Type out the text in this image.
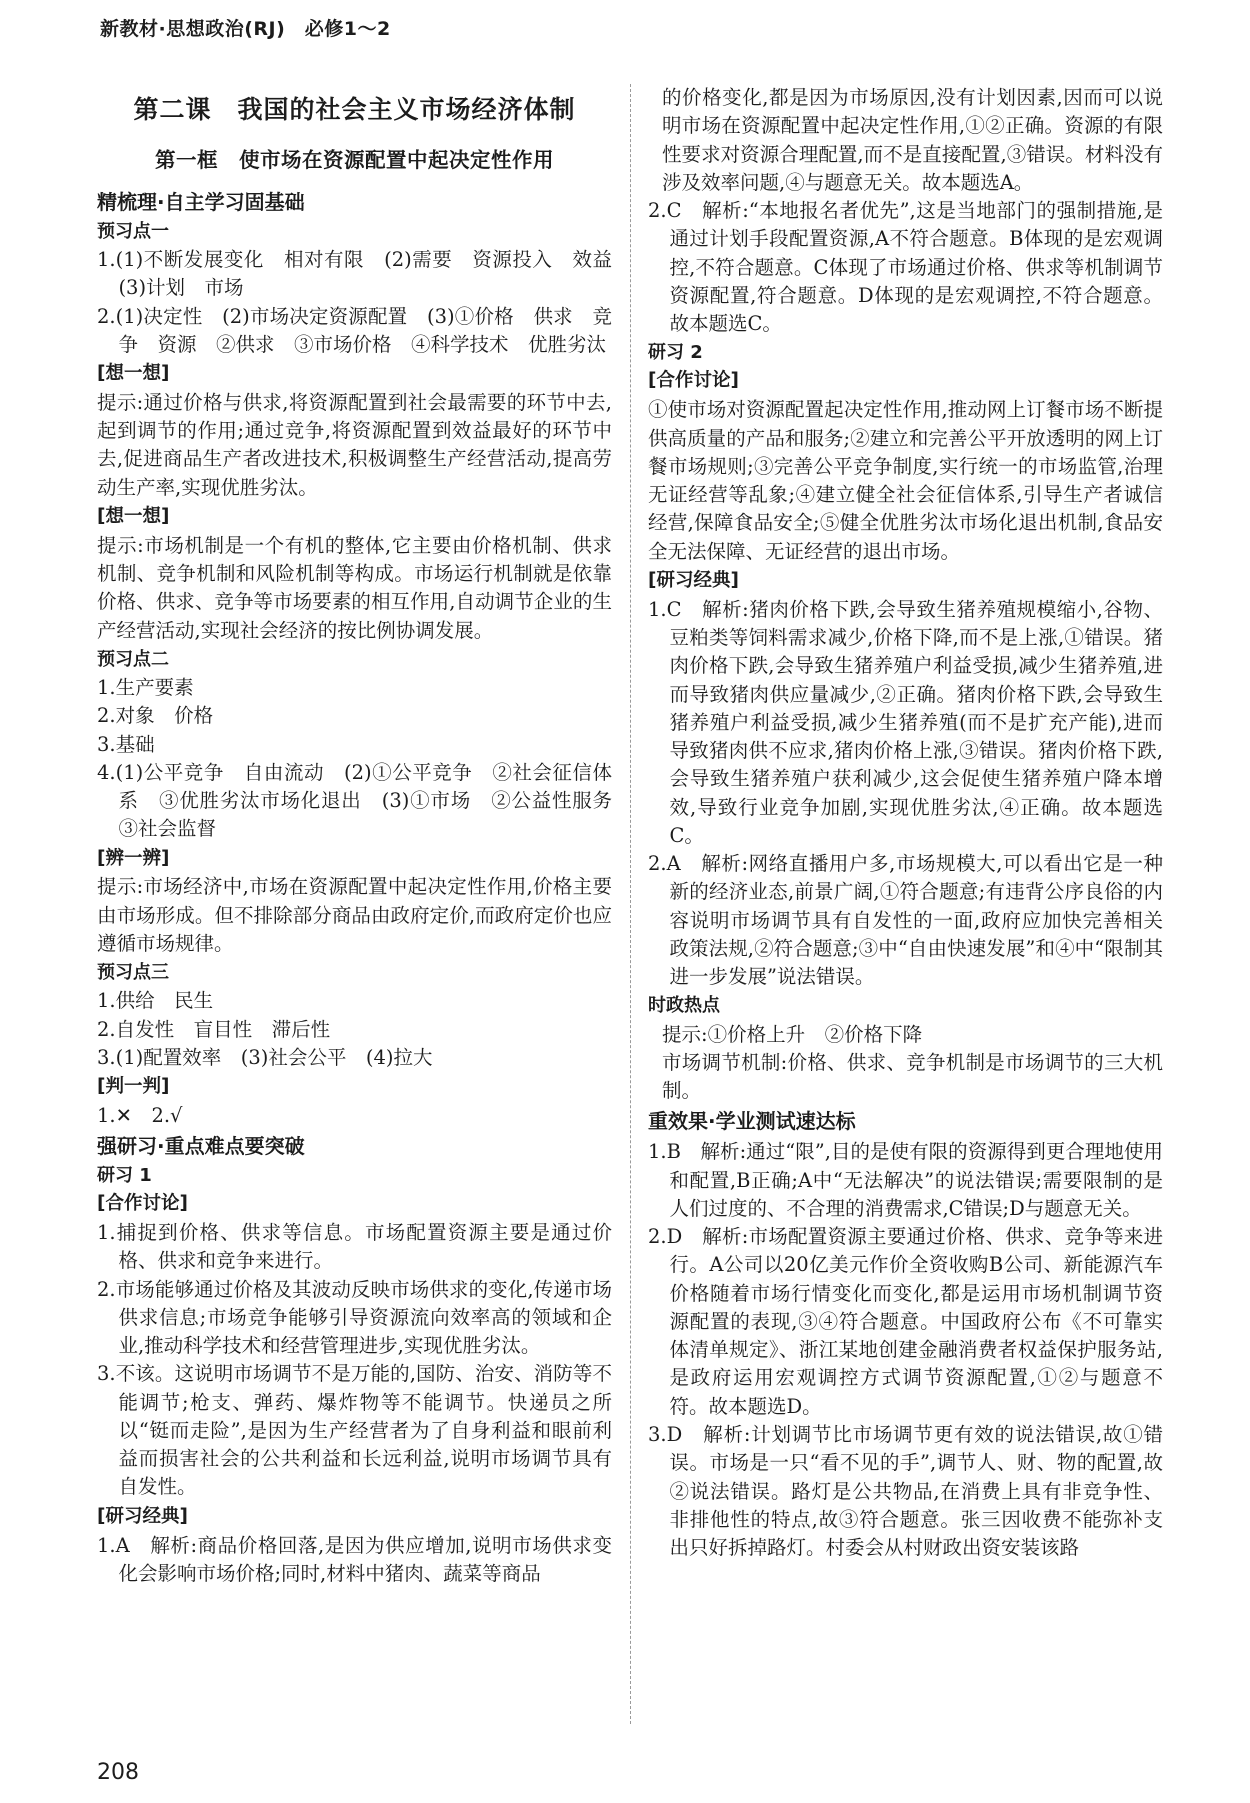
新教材·思想政治(RJ)　必修1～2
第二课　我国的社会主义市场经济体制
第一框　使市场在资源配置中起决定性作用
精梳理·自主学习固基础
预习点一

1.(1)不断发展变化　相对有限　(2)需要　资源投入　效益　(3)计划　市场

2.(1)决定性　(2)市场决定资源配置　(3)①价格　供求　竞争　资源　②供求　③市场价格　④科学技术　优胜劣汰

[想一想]

提示:通过价格与供求,将资源配置到社会最需要的环节中去,起到调节的作用;通过竞争,将资源配置到效益最好的环节中去,促进商品生产者改进技术,积极调整生产经营活动,提高劳动生产率,实现优胜劣汰。

[想一想]

提示:市场机制是一个有机的整体,它主要由价格机制、供求机制、竞争机制和风险机制等构成。市场运行机制就是依靠价格、供求、竞争等市场要素的相互作用,自动调节企业的生产经营活动,实现社会经济的按比例协调发展。

预习点二

1.生产要素

2.对象　价格

3.基础

4.(1)公平竞争　自由流动　(2)①公平竞争　②社会征信体系　③优胜劣汰市场化退出　(3)①市场　②公益性服务　③社会监督

[辨一辨]

提示:市场经济中,市场在资源配置中起决定性作用,价格主要由市场形成。但不排除部分商品由政府定价,而政府定价也应遵循市场规律。

预习点三

1.供给　民生

2.自发性　盲目性　滞后性

3.(1)配置效率　(3)社会公平　(4)拉大

[判一判]

1.✕　2.√

强研习·重点难点要突破
研习 1
[合作讨论]

1.捕捉到价格、供求等信息。市场配置资源主要是通过价格、供求和竞争来进行。

2.市场能够通过价格及其波动反映市场供求的变化,传递市场供求信息;市场竞争能够引导资源流向效率高的领域和企业,推动科学技术和经营管理进步,实现优胜劣汰。

3.不该。这说明市场调节不是万能的,国防、治安、消防等不能调节;枪支、弹药、爆炸物等不能调节。快递员之所以“铤而走险”,是因为生产经营者为了自身利益和眼前利益而损害社会的公共利益和长远利益,说明市场调节具有自发性。

[研习经典]

1.A　解析:商品价格回落,是因为供应增加,说明市场供求变化会影响市场价格;同时,材料中猪肉、蔬菜等商品

的价格变化,都是因为市场原因,没有计划因素,因而可以说明市场在资源配置中起决定性作用,①②正确。资源的有限性要求对资源合理配置,而不是直接配置,③错误。材料没有涉及效率问题,④与题意无关。故本题选A。

2.C　解析:“本地报名者优先”,这是当地部门的强制措施,是通过计划手段配置资源,A不符合题意。B体现的是宏观调控,不符合题意。C体现了市场通过价格、供求等机制调节资源配置,符合题意。D体现的是宏观调控,不符合题意。故本题选C。

研习 2
[合作讨论]

①使市场对资源配置起决定性作用,推动网上订餐市场不断提供高质量的产品和服务;②建立和完善公平开放透明的网上订餐市场规则;③完善公平竞争制度,实行统一的市场监管,治理无证经营等乱象;④建立健全社会征信体系,引导生产者诚信经营,保障食品安全;⑤健全优胜劣汰市场化退出机制,食品安全无法保障、无证经营的退出市场。

[研习经典]

1.C　解析:猪肉价格下跌,会导致生猪养殖规模缩小,谷物、豆粕类等饲料需求减少,价格下降,而不是上涨,①错误。猪肉价格下跌,会导致生猪养殖户利益受损,减少生猪养殖,进而导致猪肉供应量减少,②正确。猪肉价格下跌,会导致生猪养殖户利益受损,减少生猪养殖(而不是扩充产能),进而导致猪肉供不应求,猪肉价格上涨,③错误。猪肉价格下跌,会导致生猪养殖户获利减少,这会促使生猪养殖户降本增效,导致行业竞争加剧,实现优胜劣汰,④正确。故本题选C。

2.A　解析:网络直播用户多,市场规模大,可以看出它是一种新的经济业态,前景广阔,①符合题意;有违背公序良俗的内容说明市场调节具有自发性的一面,政府应加快完善相关政策法规,②符合题意;③中“自由快速发展”和④中“限制其进一步发展”说法错误。

时政热点

提示:①价格上升　②价格下降

市场调节机制:价格、供求、竞争机制是市场调节的三大机制。

重效果·学业测试速达标

1.B　解析:通过“限”,目的是使有限的资源得到更合理地使用和配置,B正确;A中“无法解决”的说法错误;需要限制的是人们过度的、不合理的消费需求,C错误;D与题意无关。

2.D　解析:市场配置资源主要通过价格、供求、竞争等来进行。A公司以20亿美元作价全资收购B公司、新能源汽车价格随着市场行情变化而变化,都是运用市场机制调节资源配置的表现,③④符合题意。中国政府公布《不可靠实体清单规定》、浙江某地创建金融消费者权益保护服务站,是政府运用宏观调控方式调节资源配置,①②与题意不符。故本题选D。

3.D　解析:计划调节比市场调节更有效的说法错误,故①错误。市场是一只“看不见的手”,调节人、财、物的配置,故②说法错误。路灯是公共物品,在消费上具有非竞争性、非排他性的特点,故③符合题意。张三因收费不能弥补支出只好拆掉路灯。村委会从村财政出资安装该路

208
